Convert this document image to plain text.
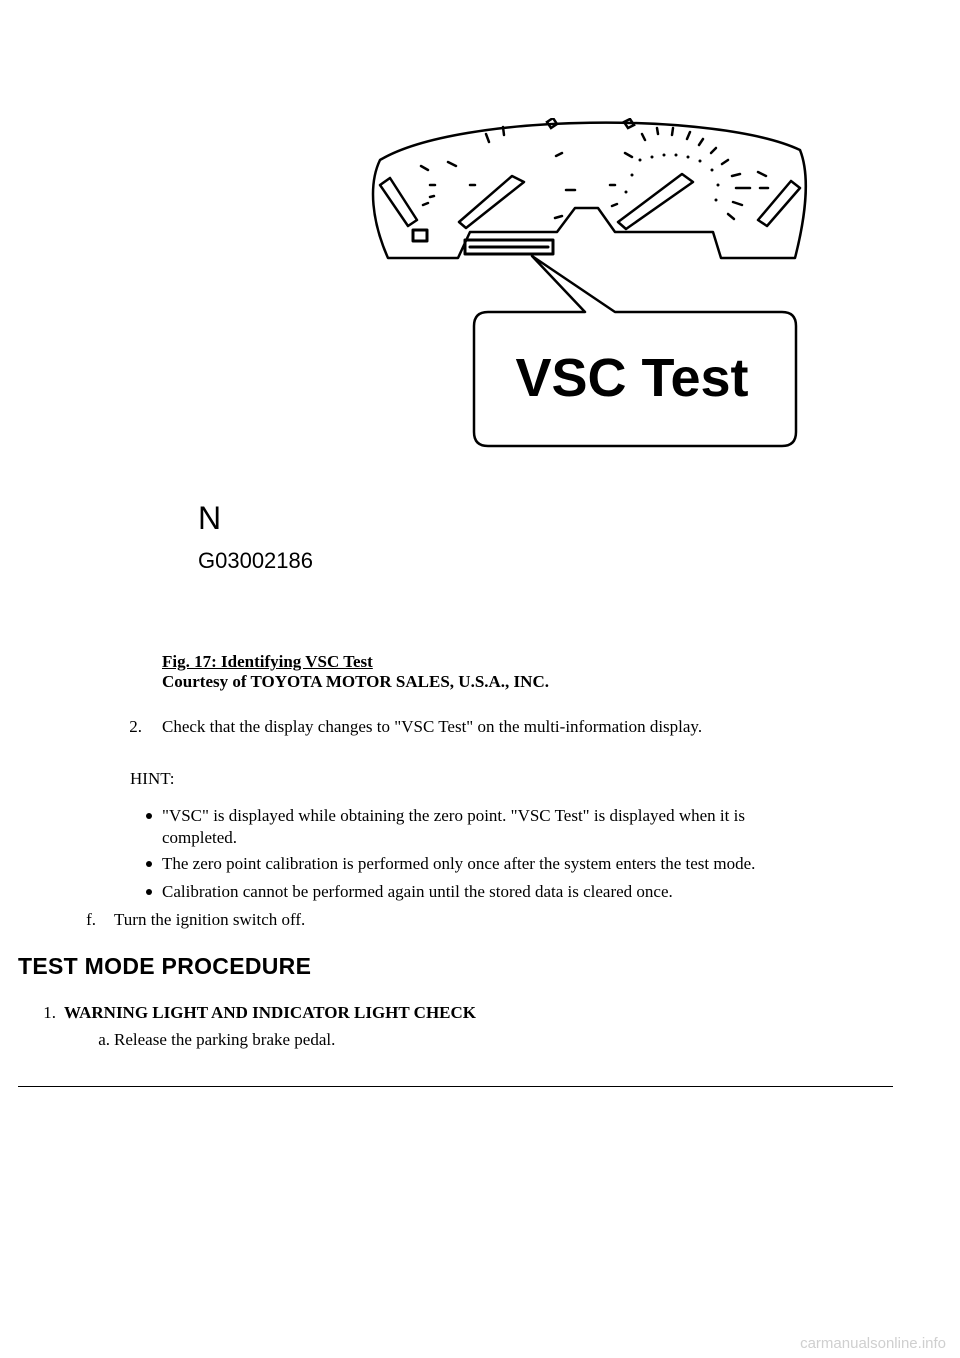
VSC Test
N
G03002186
Fig. 17: Identifying VSC Test
Courtesy of TOYOTA MOTOR SALES, U.S.A., INC.
2. Check that the display changes to "VSC Test" on the multi-information display.
HINT:
"VSC" is displayed while obtaining the zero point. "VSC Test" is displayed when it is
completed.
The zero point calibration is performed only once after the system enters the test mode.
Calibration cannot be performed again until the stored data is cleared once.
f. Turn the ignition switch off.
TEST MODE PROCEDURE
1. WARNING LIGHT AND INDICATOR LIGHT CHECK
a. Release the parking brake pedal.
carmanualsonline.info
